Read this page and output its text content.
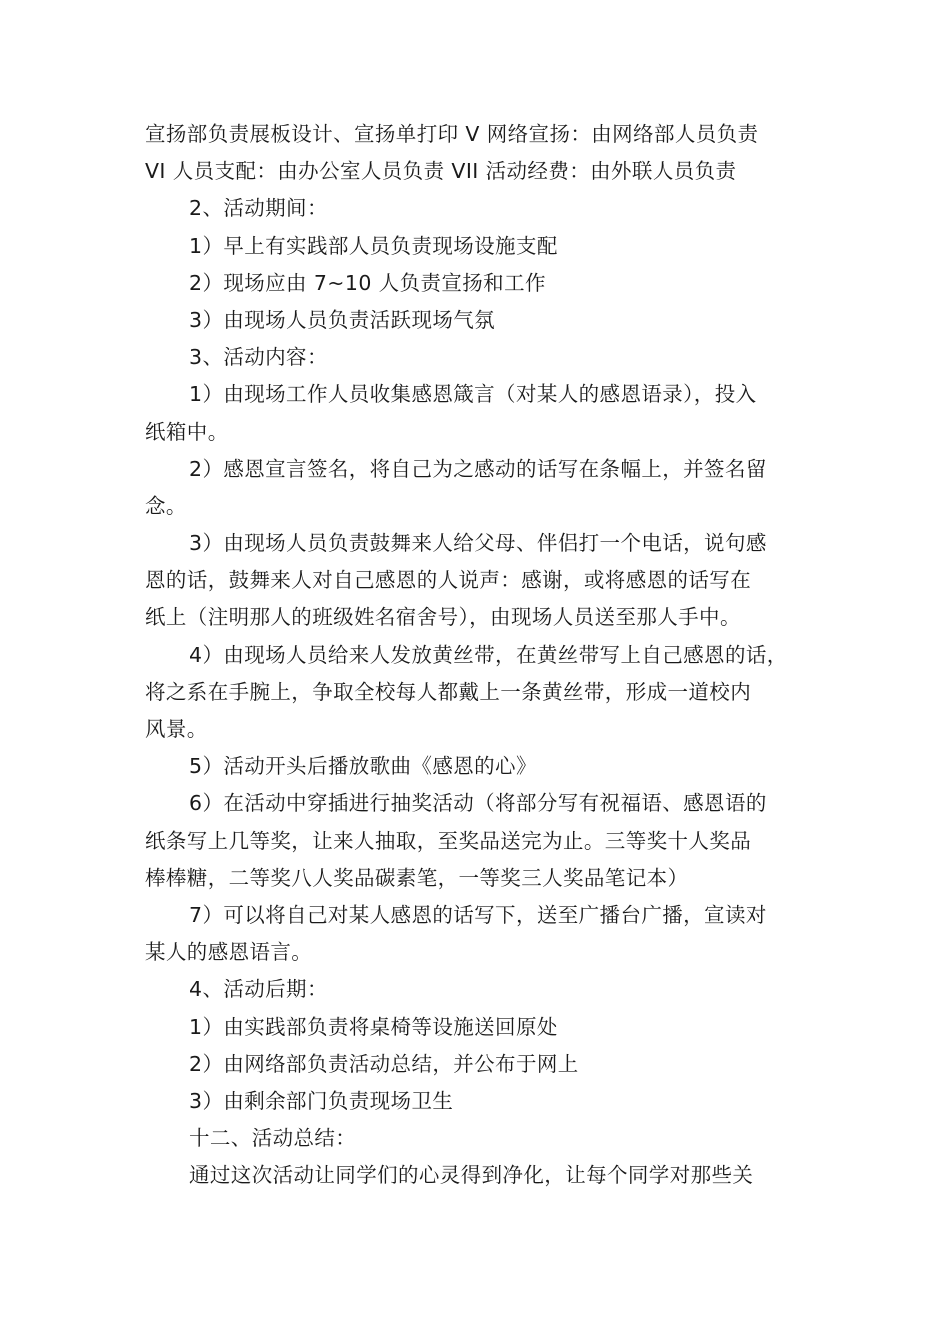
宣扬部负责展板设计、宣扬单打印 V 网络宣扬：由网络部人员负责
VI 人员支配：由办公室人员负责 VII 活动经费：由外联人员负责
2、活动期间：
1）早上有实践部人员负责现场设施支配
2）现场应由 7~10 人负责宣扬和工作
3）由现场人员负责活跃现场气氛
3、活动内容：
1）由现场工作人员收集感恩箴言（对某人的感恩语录），投入
纸箱中。
2）感恩宣言签名，将自己为之感动的话写在条幅上，并签名留
念。
3）由现场人员负责鼓舞来人给父母、伴侣打一个电话，说句感
恩的话，鼓舞来人对自己感恩的人说声：感谢，或将感恩的话写在
纸上（注明那人的班级姓名宿舍号），由现场人员送至那人手中。
4）由现场人员给来人发放黄丝带，在黄丝带写上自己感恩的话，
将之系在手腕上，争取全校每人都戴上一条黄丝带，形成一道校内
风景。
5）活动开头后播放歌曲《感恩的心》
6）在活动中穿插进行抽奖活动（将部分写有祝福语、感恩语的
纸条写上几等奖，让来人抽取，至奖品送完为止。三等奖十人奖品
棒棒糖，二等奖八人奖品碳素笔，一等奖三人奖品笔记本）
7）可以将自己对某人感恩的话写下，送至广播台广播，宣读对
某人的感恩语言。
4、活动后期：
1）由实践部负责将桌椅等设施送回原处
2）由网络部负责活动总结，并公布于网上
3）由剩余部门负责现场卫生
十二、活动总结：
通过这次活动让同学们的心灵得到净化，让每个同学对那些关
